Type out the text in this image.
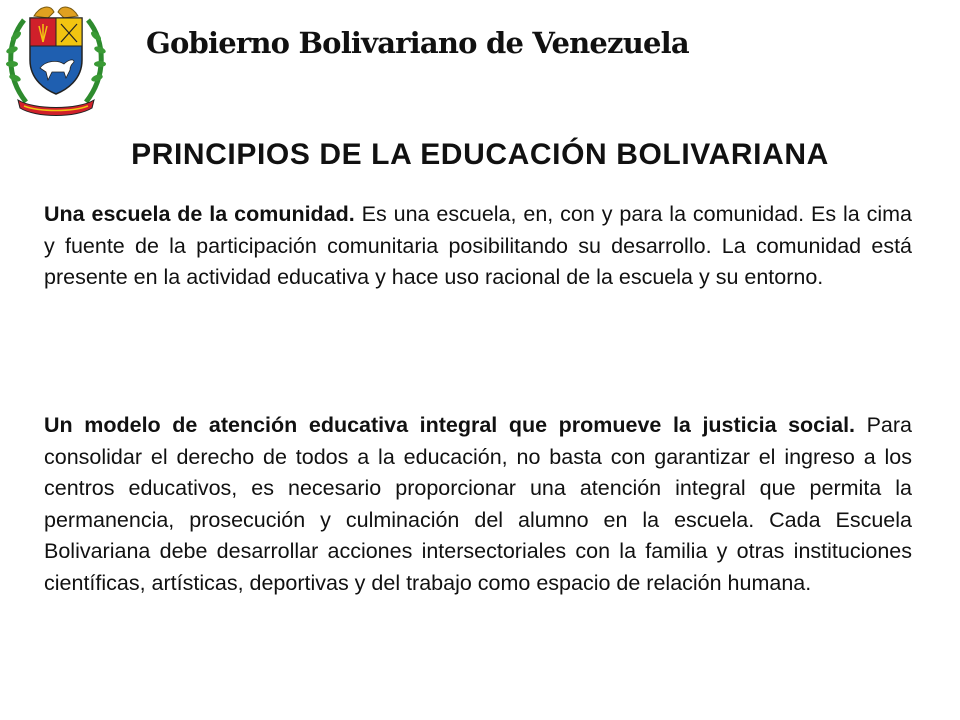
Gobierno Bolivariano de Venezuela
PRINCIPIOS DE LA EDUCACIÓN BOLIVARIANA
Una escuela de la comunidad. Es una escuela, en, con y para la comunidad. Es la cima y fuente de la participación comunitaria posibilitando su desarrollo. La comunidad está presente en la actividad educativa y hace uso racional de la escuela y su entorno.
Un modelo de atención educativa integral que promueve la justicia social. Para consolidar el derecho de todos a la educación, no basta con garantizar el ingreso a los centros educativos, es necesario proporcionar una atención integral que permita la permanencia, prosecución y culminación del alumno en la escuela. Cada Escuela Bolivariana debe desarrollar acciones intersectoriales con la familia y otras instituciones científicas, artísticas, deportivas y del trabajo como espacio de relación humana.
